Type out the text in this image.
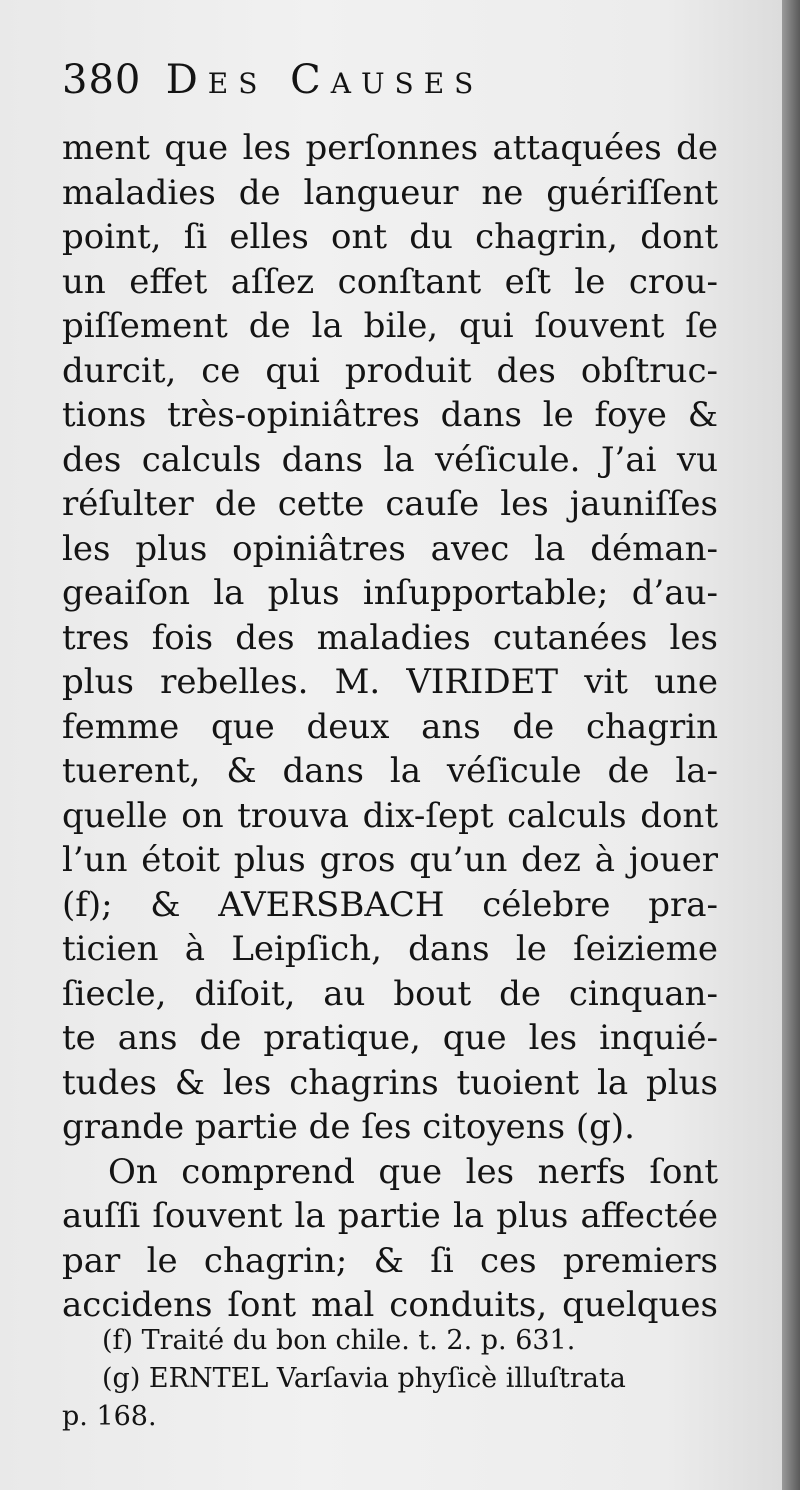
380 Des Causes
ment que les perſonnes attaquées de
maladies de langueur ne guériſſent
point, ſi elles ont du chagrin, dont
un effet aſſez conſtant eſt le crou-
piſſement de la bile, qui ſouvent ſe
durcit, ce qui produit des obſtruc-
tions très-opiniâtres dans le foye &
des calculs dans la véſicule. J’ai vu
réſulter de cette cauſe les jauniſſes
les plus opiniâtres avec la déman-
geaiſon la plus inſupportable; d’au-
tres fois des maladies cutanées les
plus rebelles. M. VIRIDET vit une
femme que deux ans de chagrin
tuerent, & dans la véſicule de la-
quelle on trouva dix-ſept calculs dont
l’un étoit plus gros qu’un dez à jouer
(f); & AVERSBACH célebre pra-
ticien à Leipſich, dans le ſeizieme
ſiecle, diſoit, au bout de cinquan-
te ans de pratique, que les inquié-
tudes & les chagrins tuoient la plus
grande partie de ſes citoyens (g).
On comprend que les nerfs ſont
auſſi ſouvent la partie la plus affectée
par le chagrin; & ſi ces premiers
accidens ſont mal conduits, quelques
(f) Traité du bon chile. t. 2. p. 631.
(g) ERNTEL Varſavia phyſicè illuſtrata
p. 168.
